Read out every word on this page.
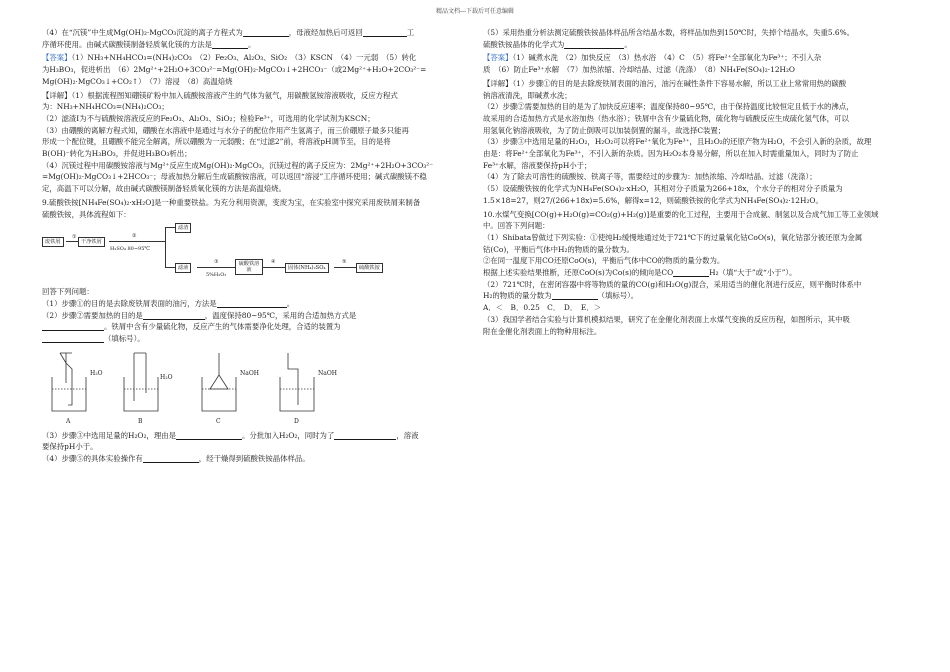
精品文档---下载后可任意编辑

（4）在“沉镁”中生成Mg(OH)₂·MgCO₃沉淀的离子方程式为	，母液经加热后可返回	工

序循环使用。由碱式碳酸镁制备轻质氧化镁的方法是	。

【答案】（1）NH₃+NH₄HCO₃=(NH₄)₂CO₃　（2）Fe₂O₃、Al₂O₃、SiO₂　（3）KSCN　（4）一元弱　（5）转化

为H₃BO₃，促进析出　（6）2Mg²⁺+2H₂O+3CO₃²⁻=Mg(OH)₂·MgCO₃↓+2HCO₃⁻（或2Mg²⁺+H₂O+2CO₃²⁻=

Mg(OH)₂·MgCO₃↓+CO₂↑）　（7）溶浸　（8）高温焙烧

【详解】（1）根据流程图知硼镁矿粉中加入硫酸铵溶液产生的气体为氨气，用碳酸氢铵溶液吸收，反应方程式

为：NH₃+NH₄HCO₃=(NH₄)₂CO₃；

（2）滤渣Ⅰ为不与硫酸铵溶液反应的Fe₂O₃、Al₂O₃、SiO₂；检验Fe³⁺，可选用的化学试剂为KSCN；

（3）由硼酸的离解方程式知，硼酸在水溶液中是通过与水分子的配位作用产生氢离子，而三价硼原子最多只能再

形成一个配位键，且硼酸不能完全解离，所以硼酸为一元弱酸；在“过滤2”前，将溶液pH调节至，目的是将

B(OH)⁻转化为H₃BO₃，并促进H₃BO₃析出；

（4）沉镁过程中用碳酸铵溶液与Mg²⁺反应生成Mg(OH)₂·MgCO₃，沉镁过程的离子反应为：2Mg²⁺+2H₂O+3CO₃²⁻

=Mg(OH)₂·MgCO₃↓+2HCO₃⁻；母液加热分解后生成硫酸铵溶液，可以返回“溶浸”工序循环使用；碱式碳酸镁不稳

定，高温下可以分解，故由碱式碳酸镁制备轻质氧化镁的方法是高温焙烧。

9.硫酸铁铵[NH₄Fe(SO₄)₂·xH₂O]是一种重要铁盐。为充分利用资源，变废为宝，在实验室中探究采用废铁屑来制备

硫酸铁铵，具体流程如下：

废铁屑
①
干净铁屑
②
H₂SO₄ 80~95℃
滤渣
滤液
③
5%H₂O₂
硫酸铁溶液
④
固体(NH₄)₂SO₄
⑤
硫酸铁铵

回答下列问题：

（1）步骤①的目的是去除废铁屑表面的油污，方法是	。

（2）步骤②需要加热的目的是	，温度保持80~95℃，采用的合适加热方式是

。铁屑中含有少量硫化物，反应产生的气体需要净化处理，合适的装置为

（填标号）。

H₂O
H₂O
NaOH	NaOH
A	B	C	D

（3）步骤③中选用足量的H₂O₂，理由是	。分批加入H₂O₂，同时为了	，溶液

要保持pH小于。

（4）步骤⑤的具体实验操作有	，经干燥得到硫酸铁铵晶体样品。

（5）采用热重分析法测定硫酸铁铵晶体样品所含结晶水数，将样品加热到150℃时，失掉个结晶水，失重5.6%。

硫酸铁铵晶体的化学式为	。

【答案】（1）碱煮水洗　（2）加快反应　（3）热水浴　（4）C　（5）将Fe²⁺全部氧化为Fe³⁺；不引入杂

质　（6）防止Fe³⁺水解　（7）加热浓缩、冷却结晶、过滤（洗涤）　（8）NH₄Fe(SO₄)₂·12H₂O

【详解】（1）步骤①的目的是去除废铁屑表面的油污，油污在碱性条件下容易水解，所以工业上常常用热的碳酸

钠溶液清洗，即碱煮水洗；

（2）步骤②需要加热的目的是为了加快反应速率；温度保持80~95℃，由于保持温度比较恒定且低于水的沸点，

故采用的合适加热方式是水浴加热（热水浴）；铁屑中含有少量硫化物，硫化物与硫酸反应生成硫化氢气体，可以

用氢氧化钠溶液吸收，为了防止倒吸可以加装倒置的漏斗，故选择C装置；

（3）步骤③中选用足量的H₂O₂，H₂O₂可以将Fe²⁺氧化为Fe³⁺，且H₂O₂的还原产物为H₂O，不会引入新的杂质，故理

由是：将Fe²⁺全部氧化为Fe³⁺，不引入新的杂质。因为H₂O₂本身易分解，所以在加入时需重量加入，同时为了防止

Fe³⁺水解，溶液要保持pH小于；

（4）为了除去可溶性的硫酸铵、铁离子等，需要经过的步骤为：加热浓缩、冷却结晶、过滤（洗涤）；

（5）设硫酸铁铵的化学式为NH₄Fe(SO₄)₂·xH₂O，其相对分子质量为266+18x，个水分子的相对分子质量为

1.5×18=27，则27/(266+18x)=5.6%，解得x=12，则硫酸铁铵的化学式为NH₄Fe(SO₄)₂·12H₂O。

10.水煤气变换[CO(g)+H₂O(g)=CO₂(g)+H₂(g)]是重要的化工过程，主要用于合成氨、制氢以及合成气加工等工业领域

中。回答下列问题：

（1）Shibata曾做过下列实验：①使纯H₂缓慢地通过处于721℃下的过量氧化钴CoO(s)，氧化钴部分被还原为金属

钴(Co)，平衡后气体中H₂的物质的量分数为。

②在同一温度下用CO还原CoO(s)，平衡后气体中CO的物质的量分数为。

根据上述实验结果推断，还原CoO(s)为Co(s)的倾向是CO	H₂（填“大于”或“小于”）。

（2）721℃时，在密闭容器中将等物质的量的CO(g)和H₂O(g)混合，采用适当的催化剂进行反应，则平衡时体系中

H₂的物质的量分数为	（填标号）。

A．＜　B．0.25　C．　D．　E．＞

（3）我国学者结合实验与计算机模拟结果，研究了在金催化剂表面上水煤气变换的反应历程，如图所示，其中吸

附在金催化剂表面上的物种用标注。
